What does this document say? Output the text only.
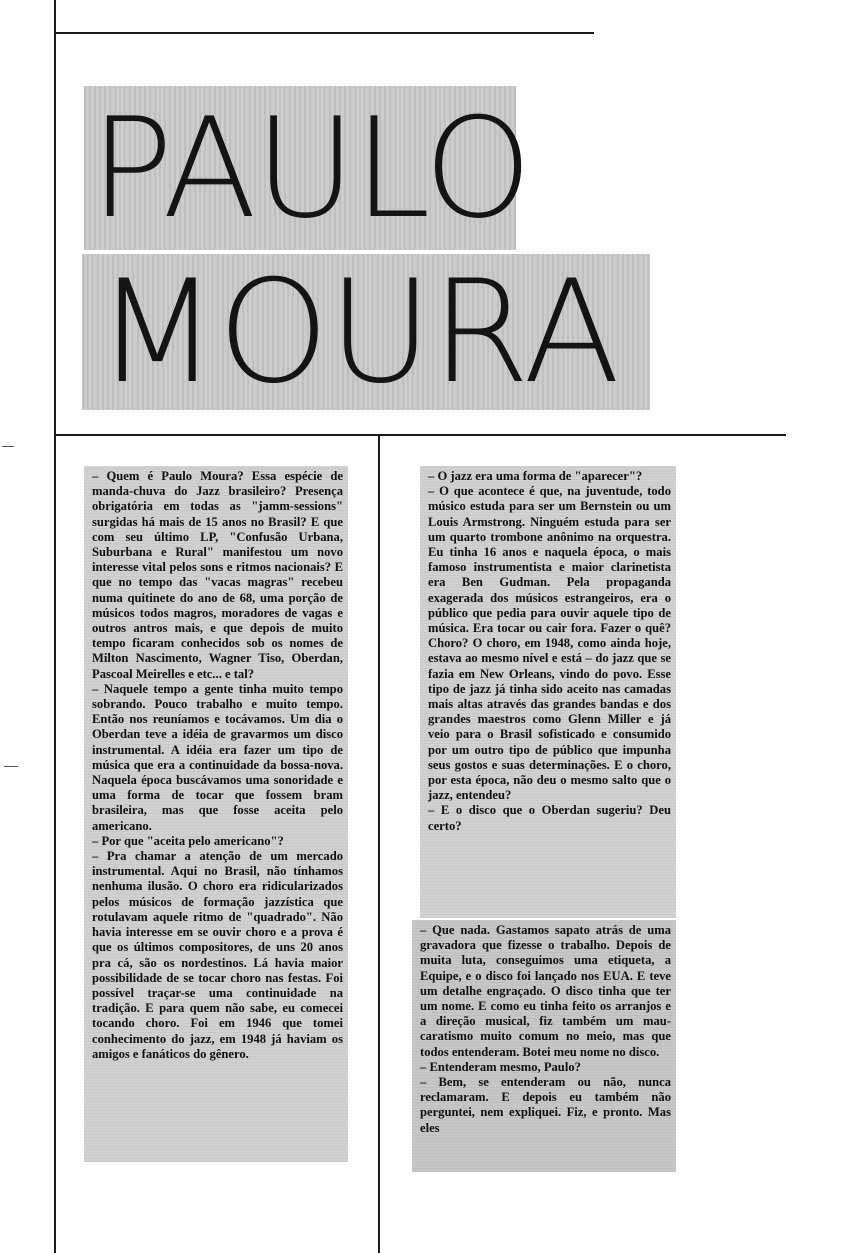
PAULO
MOURA

– Quem é Paulo Moura? Essa espécie de manda-chuva do Jazz brasileiro? Presença obrigatória em todas as "jamm-sessions" surgidas há mais de 15 anos no Brasil? E que com seu último LP, "Confusão Urbana, Suburbana e Rural" manifestou um novo interesse vital pelos sons e ritmos nacionais? E que no tempo das "vacas magras" recebeu numa quitinete do ano de 68, uma porção de músicos todos magros, moradores de vagas e outros antros mais, e que depois de muito tempo ficaram conhecidos sob os nomes de Milton Nascimento, Wagner Tiso, Oberdan, Pascoal Meirelles e etc... e tal?

– Naquele tempo a gente tinha muito tempo sobrando. Pouco trabalho e muito tempo. Então nos reuníamos e tocávamos. Um dia o Oberdan teve a idéia de gravarmos um disco instrumental. A idéia era fazer um tipo de música que era a continuidade da bossa-nova. Naquela época buscávamos uma sonoridade e uma forma de tocar que fossem bram brasileira, mas que fosse aceita pelo americano.

– Por que "aceita pelo americano"?

– Pra chamar a atenção de um mercado instrumental. Aqui no Brasil, não tínhamos nenhuma ilusão. O choro era ridicularizados pelos músicos de formação jazzística que rotulavam aquele ritmo de "quadrado". Não havia interesse em se ouvir choro e a prova é que os últimos compositores, de uns 20 anos pra cá, são os nordestinos. Lá havia maior possibilidade de se tocar choro nas festas. Foi possível traçar-se uma continuidade na tradição. E para quem não sabe, eu comecei tocando choro. Foi em 1946 que tomei conhecimento do jazz, em 1948 já haviam os amigos e fanáticos do gênero.

– O jazz era uma forma de "aparecer"?

– O que acontece é que, na juventude, todo músico estuda para ser um Bernstein ou um Louis Armstrong. Ninguém estuda para ser um quarto trombone anônimo na orquestra. Eu tinha 16 anos e naquela época, o mais famoso instrumentista e maior clarinetista era Ben Gudman. Pela propaganda exagerada dos músicos estrangeiros, era o público que pedia para ouvir aquele tipo de música. Era tocar ou cair fora. Fazer o quê? Choro? O choro, em 1948, como ainda hoje, estava ao mesmo nível e está – do jazz que se fazia em New Orleans, vindo do povo. Esse tipo de jazz já tinha sido aceito nas camadas mais altas através das grandes bandas e dos grandes maestros como Glenn Miller e já veio para o Brasil sofisticado e consumido por um outro tipo de público que impunha seus gostos e suas determinações. E o choro, por esta época, não deu o mesmo salto que o jazz, entendeu?

– E o disco que o Oberdan sugeriu? Deu certo?

– Que nada. Gastamos sapato atrás de uma gravadora que fizesse o trabalho. Depois de muita luta, conseguimos uma etiqueta, a Equipe, e o disco foi lançado nos EUA. E teve um detalhe engraçado. O disco tinha que ter um nome. E como eu tinha feito os arranjos e a direção musical, fiz também um mau-caratismo muito comum no meio, mas que todos entenderam. Botei meu nome no disco.

– Entenderam mesmo, Paulo?

– Bem, se entenderam ou não, nunca reclamaram. E depois eu também não perguntei, nem expliquei. Fiz, e pronto. Mas eles
